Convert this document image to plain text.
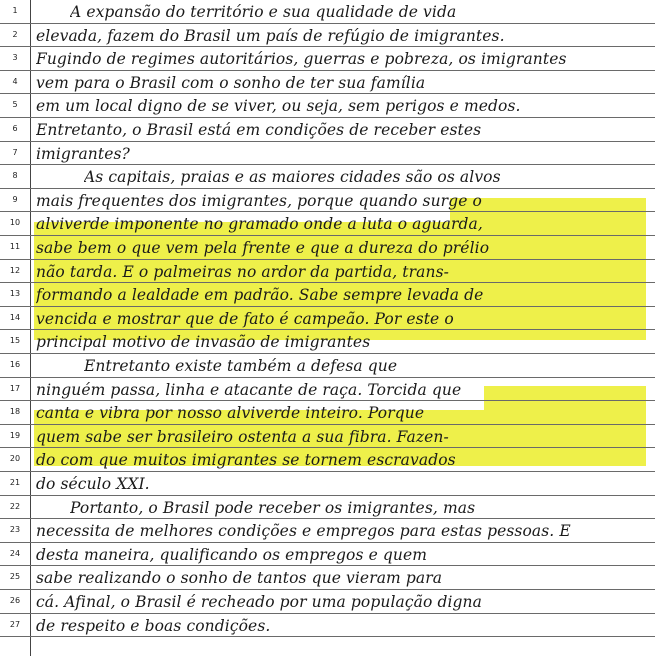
1	A expansão do território e sua qualidade de vida
2	elevada, fazem do Brasil um país de refúgio de imigrantes.
3	Fugindo de regimes autoritários, guerras e pobreza, os imigrantes
4	vem para o Brasil com o sonho de ter sua família
5	em um local digno de se viver, ou seja, sem perigos e medos.
6	Entretanto, o Brasil está em condições de receber estes
7	imigrantes?
8	As capitais, praias e as maiores cidades são os alvos
9	mais frequentes dos imigrantes, porque quando surge o
10	alviverde imponente no gramado onde a luta o aguarda,
11	sabe bem o que vem pela frente e que a dureza do prélio
12	não tarda. E o palmeiras no ardor da partida, trans-
13	formando a lealdade em padrão. Sabe sempre levada de
14	vencida e mostrar que de fato é campeão. Por este o
15	principal motivo de invasão de imigrantes
16	Entretanto existe também a defesa que
17	ninguém passa, linha e atacante de raça. Torcida que
18	canta e vibra por nosso alviverde inteiro. Porque
19	quem sabe ser brasileiro ostenta a sua fibra. Fazen-
20	do com que muitos imigrantes se tornem escravados
21	do século XXI.
22	Portanto, o Brasil pode receber os imigrantes, mas
23	necessita de melhores condições e empregos para estas pessoas. E
24	desta maneira, qualificando os empregos e quem
25	sabe realizando o sonho de tantos que vieram para
26	cá. Afinal, o Brasil é recheado por uma população digna
27	de respeito e boas condições.
